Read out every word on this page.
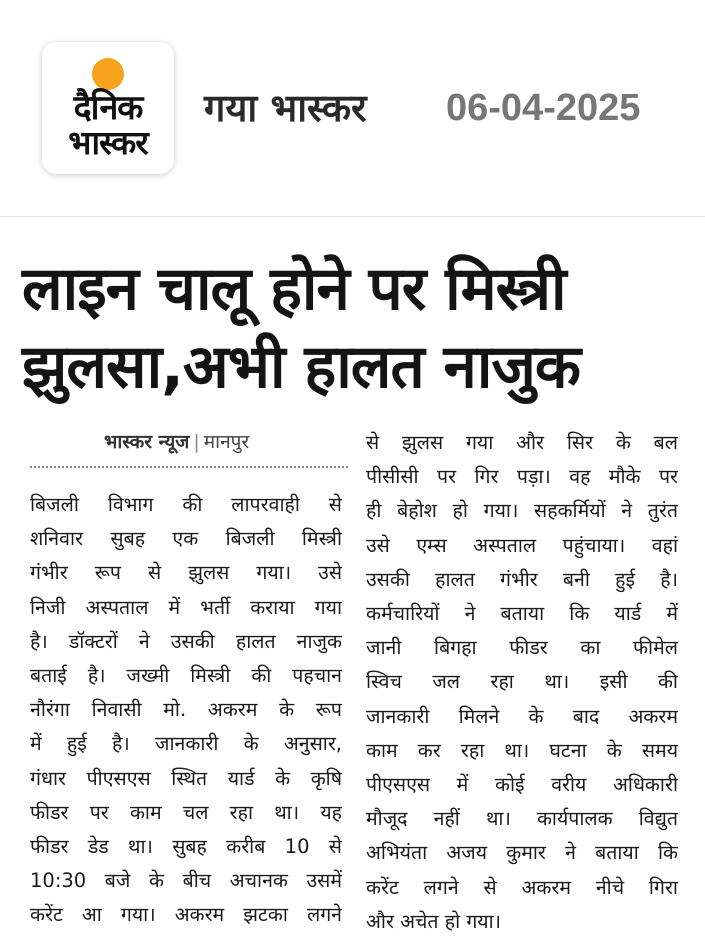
दैनिक
भास्कर
गया भास्कर 06-04-2025
लाइन चालू होने पर मिस्त्री
झुलसा,अभी हालत नाजुक
भास्कर न्यूज | मानपुर
बिजली विभाग की लापरवाही से
शनिवार सुबह एक बिजली मिस्त्री
गंभीर रूप से झुलस गया। उसे
निजी अस्पताल में भर्ती कराया गया
है। डॉक्टरों ने उसकी हालत नाजुक
बताई है। जख्मी मिस्त्री की पहचान
नौरंगा निवासी मो. अकरम के रूप
में हुई है। जानकारी के अनुसार,
गंधार पीएसएस स्थित यार्ड के कृषि
फीडर पर काम चल रहा था। यह
फीडर डेड था। सुबह करीब 10 से
10:30 बजे के बीच अचानक उसमें
करेंट आ गया। अकरम झटका लगने
से झुलस गया और सिर के बल
पीसीसी पर गिर पड़ा। वह मौके पर
ही बेहोश हो गया। सहकर्मियों ने तुरंत
उसे एम्स अस्पताल पहुंचाया। वहां
उसकी हालत गंभीर बनी हुई है।
कर्मचारियों ने बताया कि यार्ड में
जानी बिगहा फीडर का फीमेल
स्विच जल रहा था। इसी की
जानकारी मिलने के बाद अकरम
काम कर रहा था। घटना के समय
पीएसएस में कोई वरीय अधिकारी
मौजूद नहीं था। कार्यपालक विद्युत
अभियंता अजय कुमार ने बताया कि
करेंट लगने से अकरम नीचे गिरा
और अचेत हो गया।
